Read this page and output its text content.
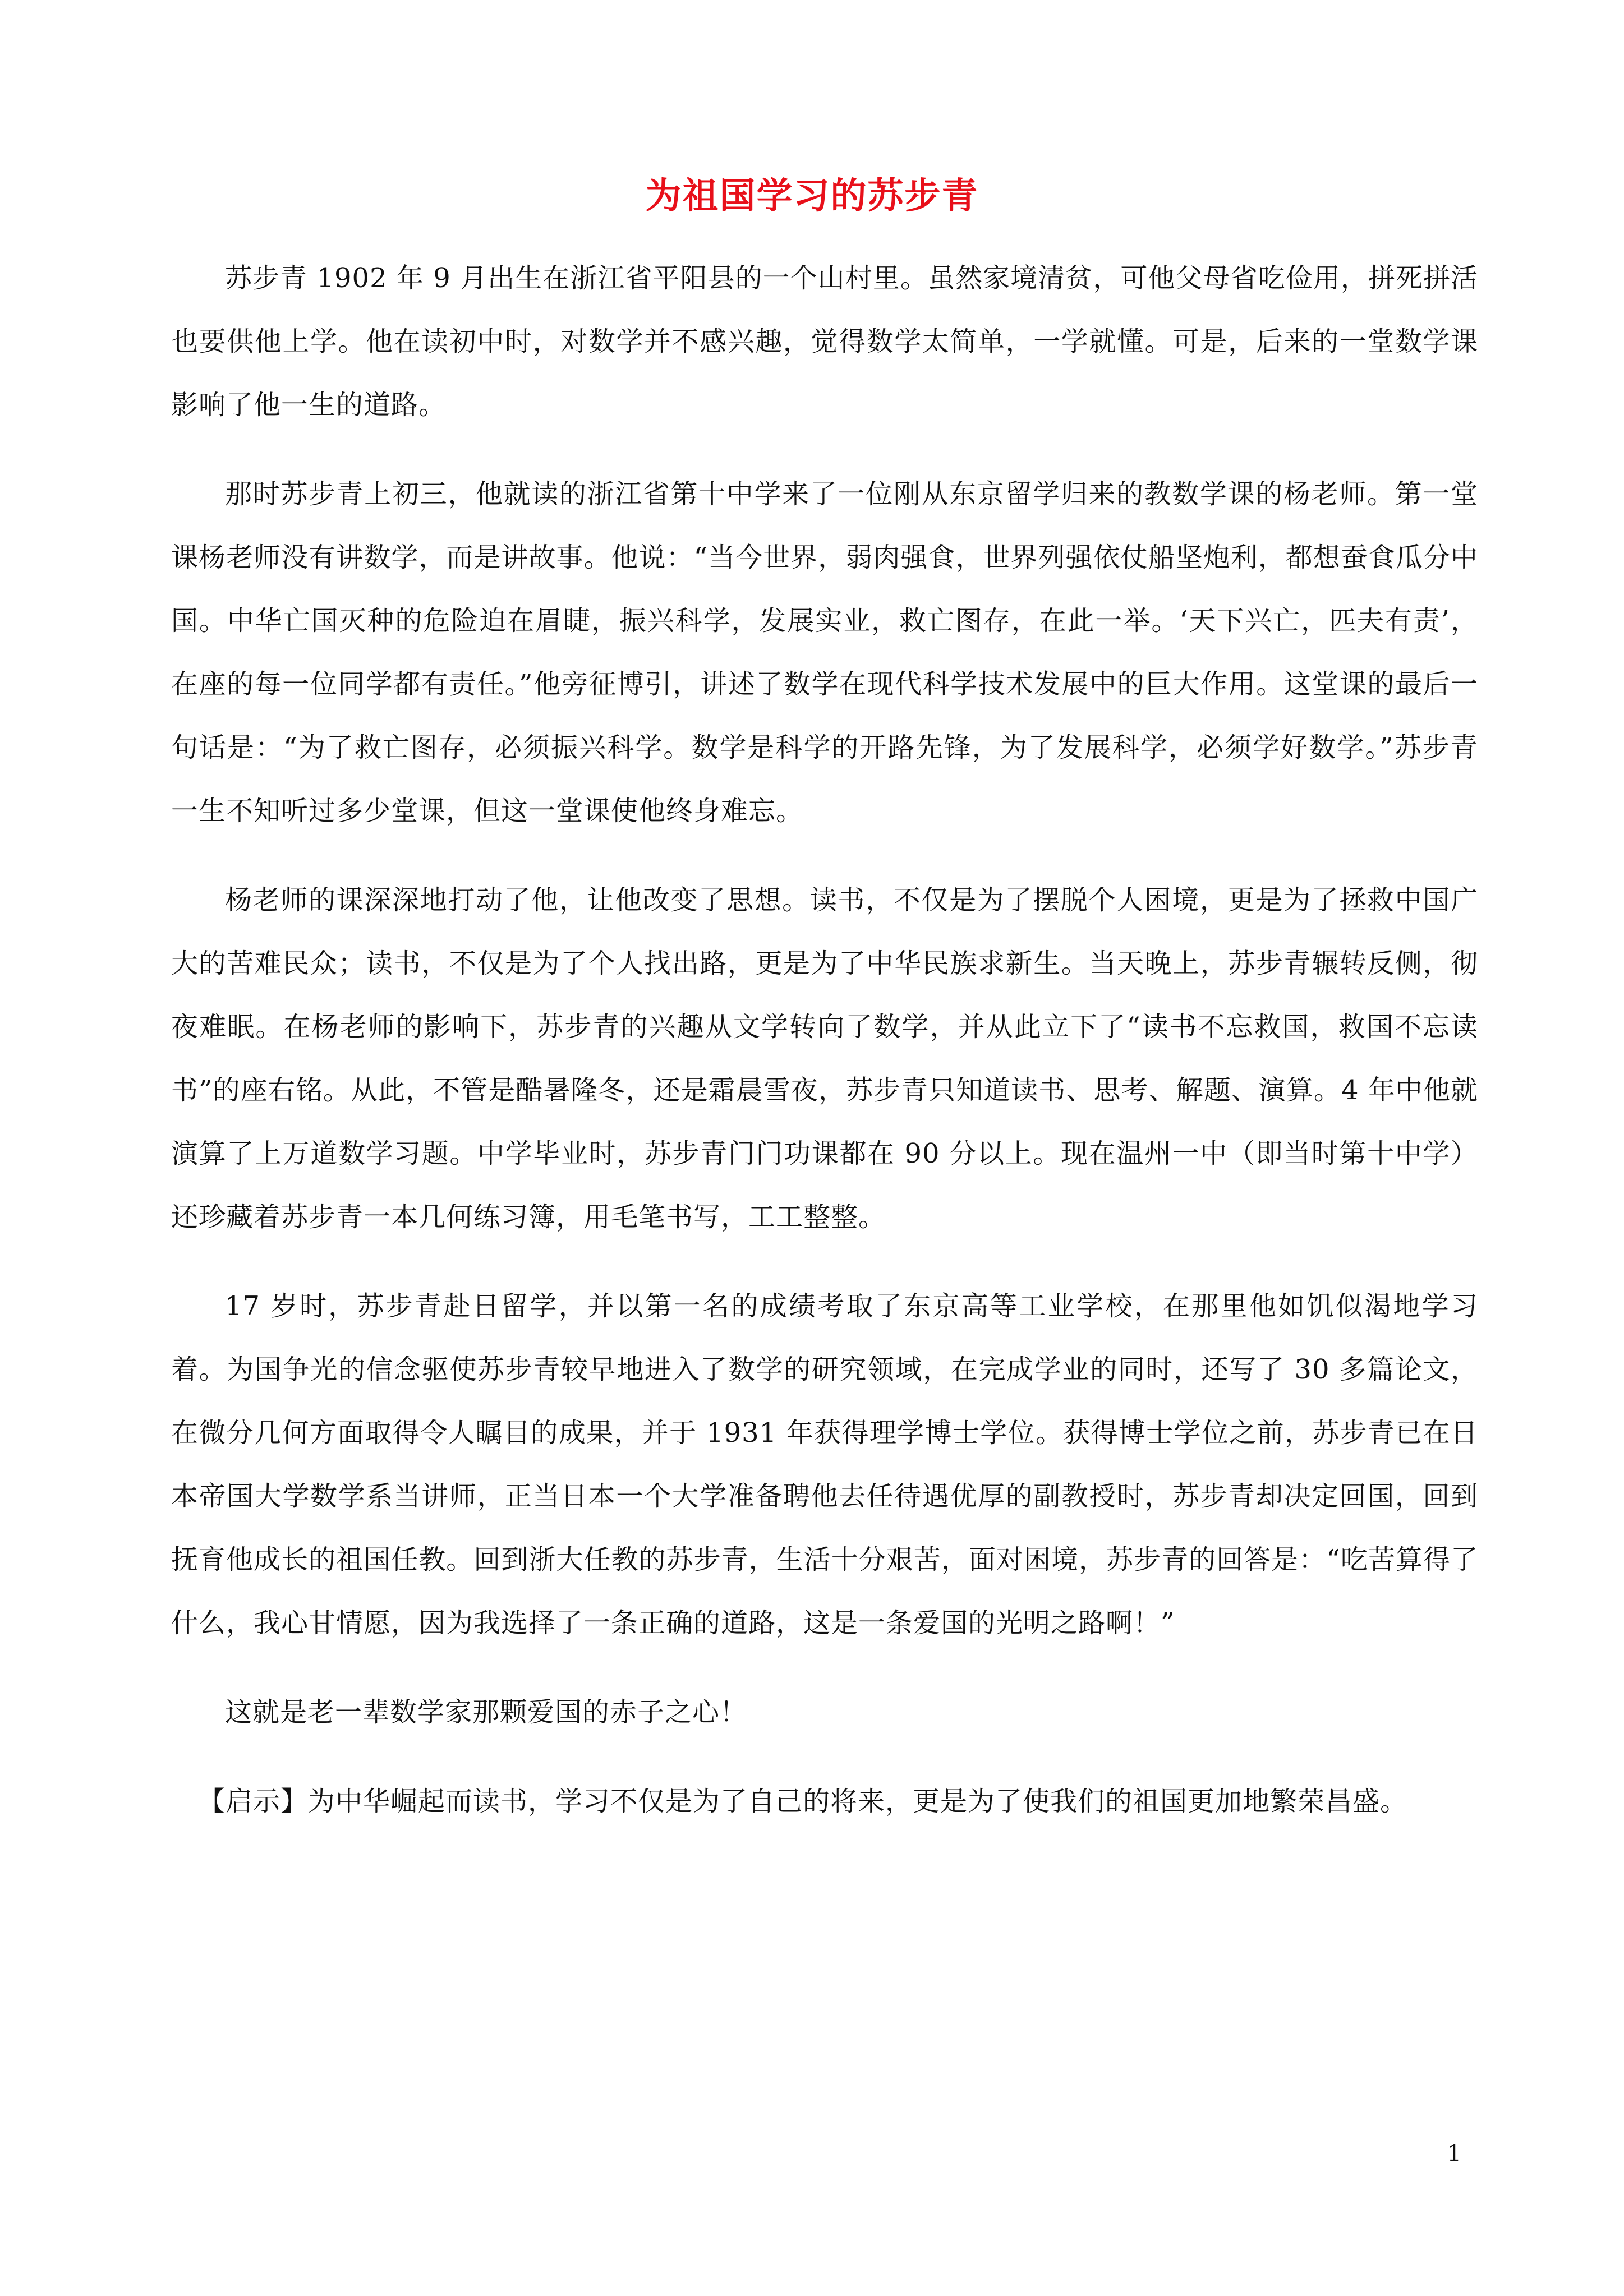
为祖国学习的苏步青

苏步青 1902 年 9 月出生在浙江省平阳县的一个山村里。虽然家境清贫，可他父母省吃俭用，拼死拼活也要供他上学。他在读初中时，对数学并不感兴趣，觉得数学太简单，一学就懂。可是，后来的一堂数学课影响了他一生的道路。

那时苏步青上初三，他就读的浙江省第十中学来了一位刚从东京留学归来的教数学课的杨老师。第一堂课杨老师没有讲数学，而是讲故事。他说：“当今世界，弱肉强食，世界列强依仗船坚炮利，都想蚕食瓜分中国。中华亡国灭种的危险迫在眉睫，振兴科学，发展实业，救亡图存，在此一举。‘天下兴亡，匹夫有责’，在座的每一位同学都有责任。”他旁征博引，讲述了数学在现代科学技术发展中的巨大作用。这堂课的最后一句话是：“为了救亡图存，必须振兴科学。数学是科学的开路先锋，为了发展科学，必须学好数学。”苏步青一生不知听过多少堂课，但这一堂课使他终身难忘。

杨老师的课深深地打动了他，让他改变了思想。读书，不仅是为了摆脱个人困境，更是为了拯救中国广大的苦难民众；读书，不仅是为了个人找出路，更是为了中华民族求新生。当天晚上，苏步青辗转反侧，彻夜难眠。在杨老师的影响下，苏步青的兴趣从文学转向了数学，并从此立下了“读书不忘救国，救国不忘读书”的座右铭。从此，不管是酷暑隆冬，还是霜晨雪夜，苏步青只知道读书、思考、解题、演算。4 年中他就演算了上万道数学习题。中学毕业时，苏步青门门功课都在 90 分以上。现在温州一中（即当时第十中学）还珍藏着苏步青一本几何练习簿，用毛笔书写，工工整整。

17 岁时，苏步青赴日留学，并以第一名的成绩考取了东京高等工业学校，在那里他如饥似渴地学习着。为国争光的信念驱使苏步青较早地进入了数学的研究领域，在完成学业的同时，还写了 30 多篇论文，在微分几何方面取得令人瞩目的成果，并于 1931 年获得理学博士学位。获得博士学位之前，苏步青已在日本帝国大学数学系当讲师，正当日本一个大学准备聘他去任待遇优厚的副教授时，苏步青却决定回国，回到抚育他成长的祖国任教。回到浙大任教的苏步青，生活十分艰苦，面对困境，苏步青的回答是：“吃苦算得了什么，我心甘情愿，因为我选择了一条正确的道路，这是一条爱国的光明之路啊！”

这就是老一辈数学家那颗爱国的赤子之心！

【启示】为中华崛起而读书，学习不仅是为了自己的将来，更是为了使我们的祖国更加地繁荣昌盛。

1
